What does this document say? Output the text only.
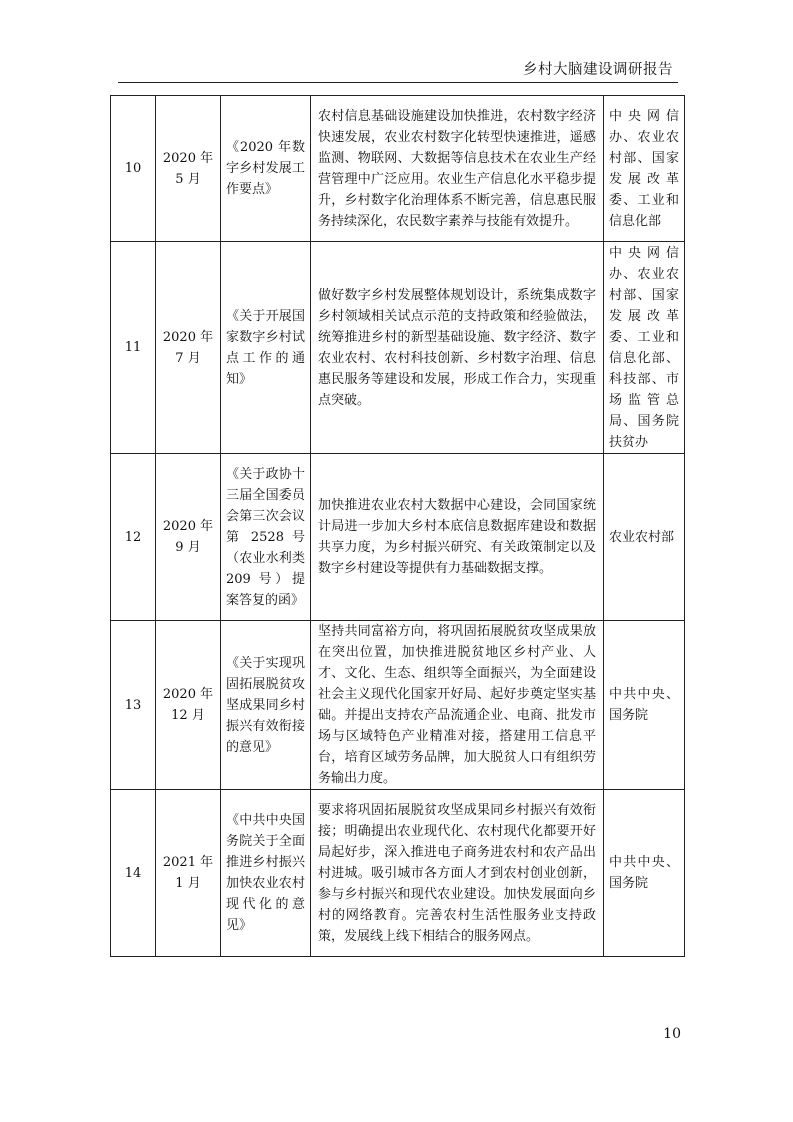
乡村大脑建设调研报告
10	2020 年 5 月	《2020 年数字乡村发展工作要点》	农村信息基础设施建设加快推进，农村数字经济快速发展，农业农村数字化转型快速推进，遥感监测、物联网、大数据等信息技术在农业生产经营管理中广泛应用。农业生产信息化水平稳步提升，乡村数字化治理体系不断完善，信息惠民服务持续深化，农民数字素养与技能有效提升。	中央网信办、农业农村部、国家发展改革委、工业和信息化部
11	2020 年 7 月	《关于开展国家数字乡村试点工作的通知》	做好数字乡村发展整体规划设计，系统集成数字乡村领域相关试点示范的支持政策和经验做法，统筹推进乡村的新型基础设施、数字经济、数字农业农村、农村科技创新、乡村数字治理、信息惠民服务等建设和发展，形成工作合力，实现重点突破。	中央网信办、农业农村部、国家发展改革委、工业和信息化部、科技部、市场监管总局、国务院扶贫办
12	2020 年 9 月	《关于政协十三届全国委员会第三次会议第 2528 号（农业水利类 209 号）提案答复的函》	加快推进农业农村大数据中心建设，会同国家统计局进一步加大乡村本底信息数据库建设和数据共享力度，为乡村振兴研究、有关政策制定以及数字乡村建设等提供有力基础数据支撑。	农业农村部
13	2020 年 12 月	《关于实现巩固拓展脱贫攻坚成果同乡村振兴有效衔接的意见》	坚持共同富裕方向，将巩固拓展脱贫攻坚成果放在突出位置，加快推进脱贫地区乡村产业、人才、文化、生态、组织等全面振兴，为全面建设社会主义现代化国家开好局、起好步奠定坚实基础。并提出支持农产品流通企业、电商、批发市场与区域特色产业精准对接，搭建用工信息平台，培育区域劳务品牌，加大脱贫人口有组织劳务输出力度。	中共中央、国务院
14	2021 年 1 月	《中共中央国务院关于全面推进乡村振兴加快农业农村现代化的意见》	要求将巩固拓展脱贫攻坚成果同乡村振兴有效衔接；明确提出农业现代化、农村现代化都要开好局起好步，深入推进电子商务进农村和农产品出村进城。吸引城市各方面人才到农村创业创新，参与乡村振兴和现代农业建设。加快发展面向乡村的网络教育。完善农村生活性服务业支持政策，发展线上线下相结合的服务网点。	中共中央、国务院
10
